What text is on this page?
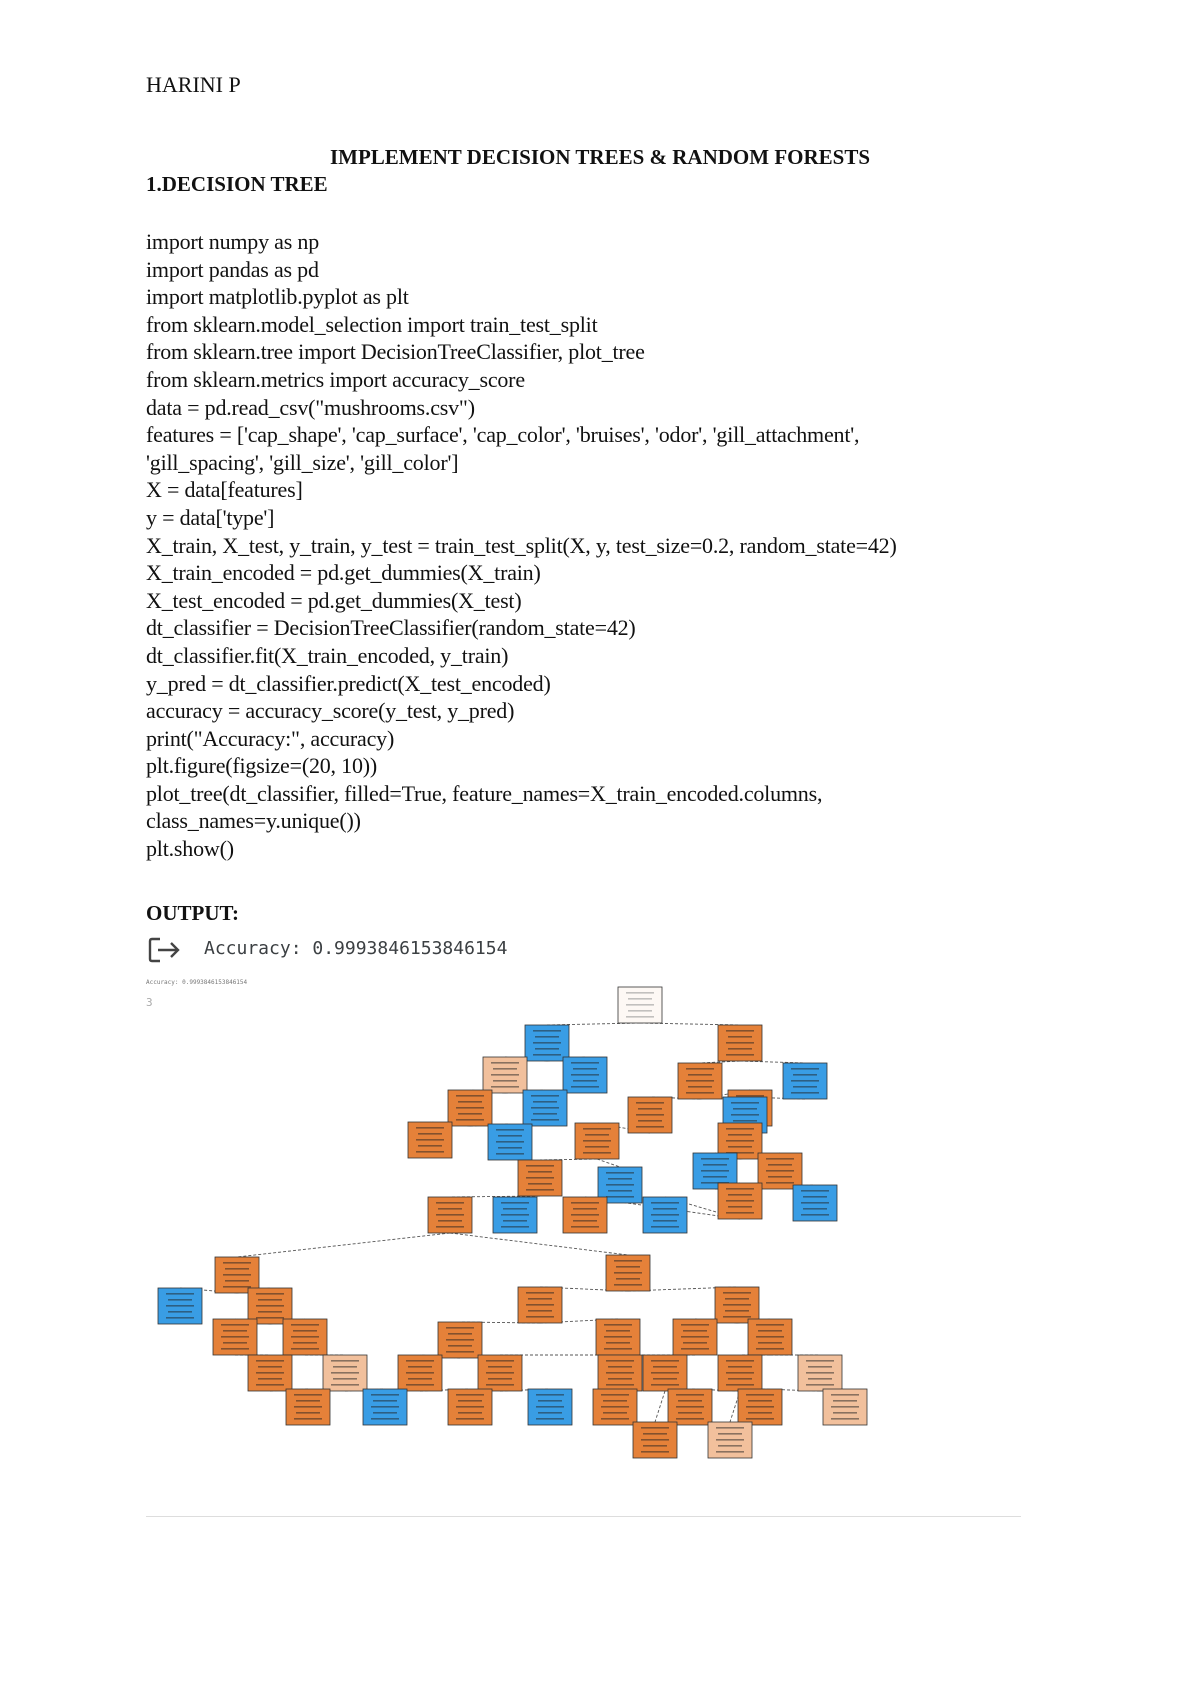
HARINI P
IMPLEMENT DECISION TREES & RANDOM FORESTS
1.DECISION TREE
import numpy as np
import pandas as pd
import matplotlib.pyplot as plt
from sklearn.model_selection import train_test_split
from sklearn.tree import DecisionTreeClassifier, plot_tree
from sklearn.metrics import accuracy_score
data = pd.read_csv("mushrooms.csv")
features = ['cap_shape', 'cap_surface', 'cap_color', 'bruises', 'odor', 'gill_attachment',
'gill_spacing', 'gill_size', 'gill_color']
X = data[features]
y = data['type']
X_train, X_test, y_train, y_test = train_test_split(X, y, test_size=0.2, random_state=42)
X_train_encoded = pd.get_dummies(X_train)
X_test_encoded = pd.get_dummies(X_test)
dt_classifier = DecisionTreeClassifier(random_state=42)
dt_classifier.fit(X_train_encoded, y_train)
y_pred = dt_classifier.predict(X_test_encoded)
accuracy = accuracy_score(y_test, y_pred)
print("Accuracy:", accuracy)
plt.figure(figsize=(20, 10))
plot_tree(dt_classifier, filled=True, feature_names=X_train_encoded.columns,
class_names=y.unique())
plt.show()
OUTPUT:
Accuracy: 0.9993846153846154
Accuracy: 0.9993846153846154
3
